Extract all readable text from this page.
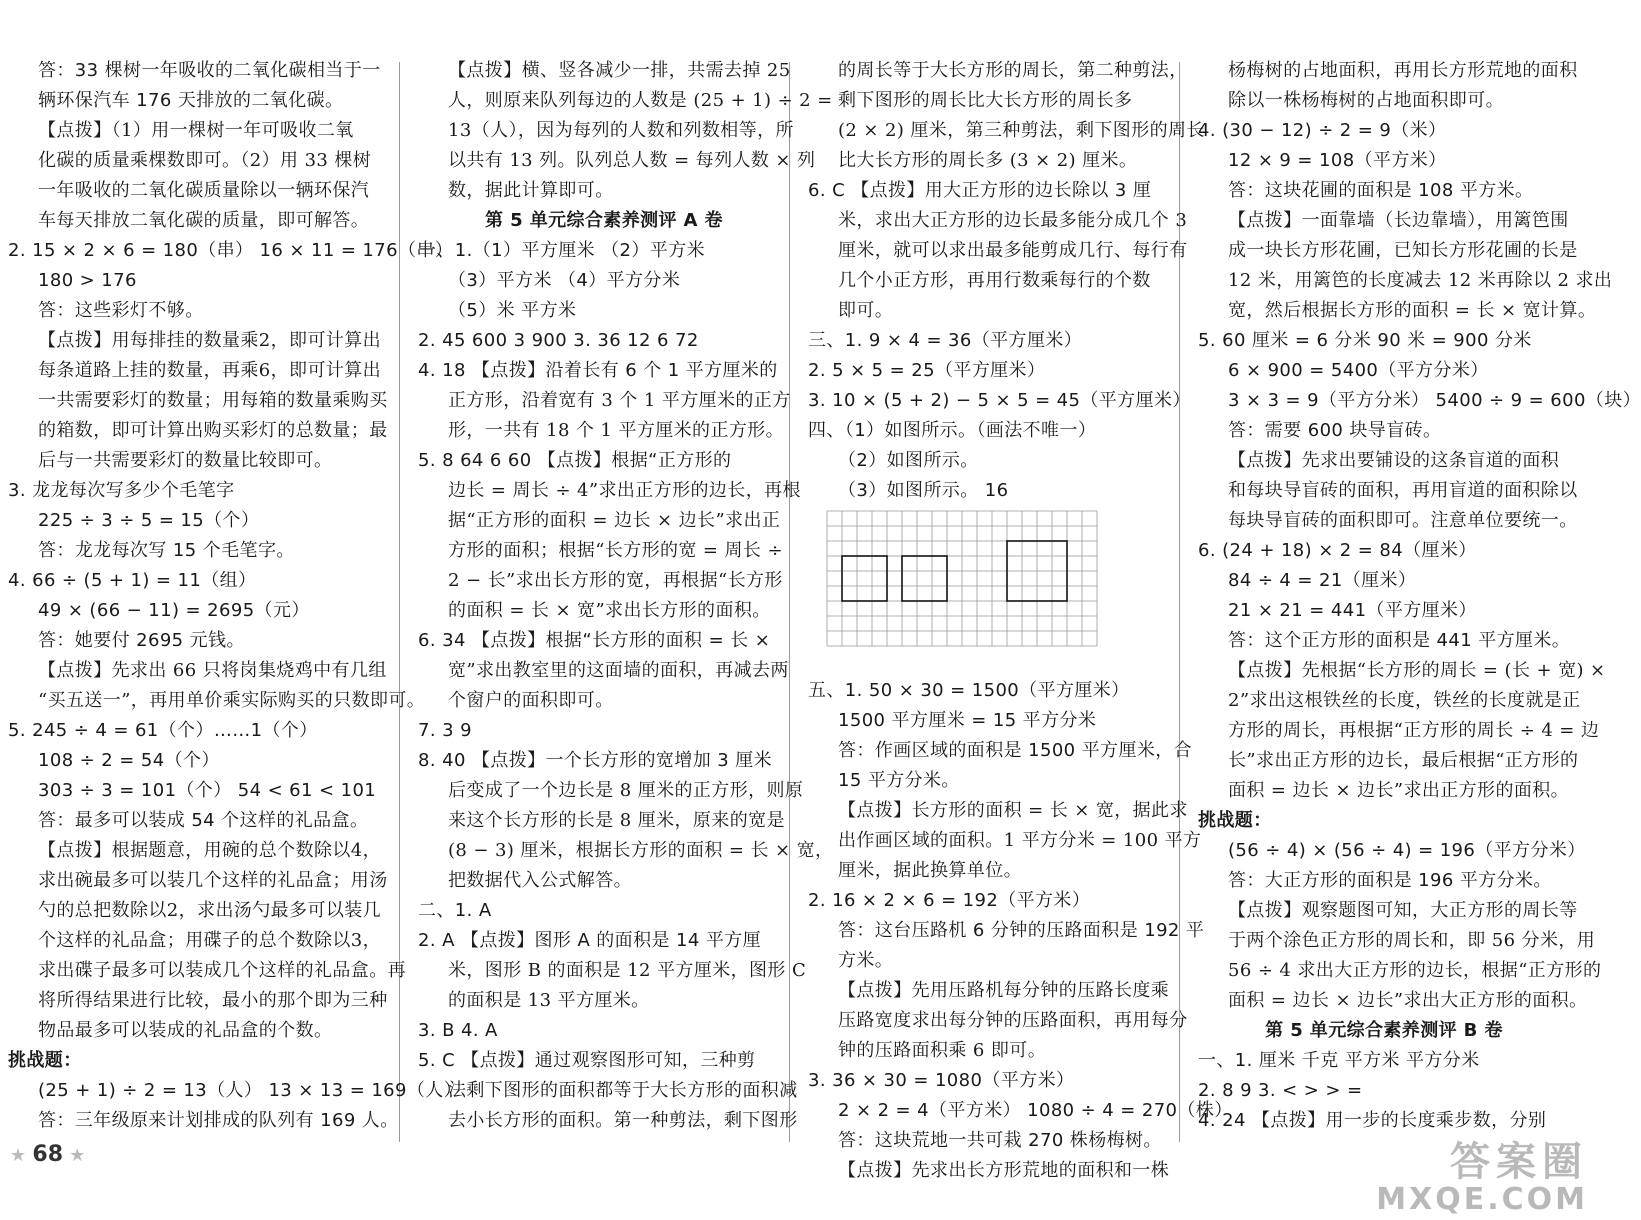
答：33 棵树一年吸收的二氧化碳相当于一
辆环保汽车 176 天排放的二氧化碳。
【点拨】（1）用一棵树一年可吸收二氧
化碳的质量乘棵数即可。（2）用 33 棵树
一年吸收的二氧化碳质量除以一辆环保汽
车每天排放二氧化碳的质量，即可解答。
2. 15 × 2 × 6 = 180（串） 16 × 11 = 176（串）
180 > 176
答：这些彩灯不够。
【点拨】用每排挂的数量乘2，即可计算出
每条道路上挂的数量，再乘6，即可计算出
一共需要彩灯的数量；用每箱的数量乘购买
的箱数，即可计算出购买彩灯的总数量；最
后与一共需要彩灯的数量比较即可。
3. 龙龙每次写多少个毛笔字
225 ÷ 3 ÷ 5 = 15（个）
答：龙龙每次写 15 个毛笔字。
4. 66 ÷ (5 + 1) = 11（组）
49 × (66 − 11) = 2695（元）
答：她要付 2695 元钱。
【点拨】先求出 66 只将岗集烧鸡中有几组
“买五送一”，再用单价乘实际购买的只数即可。
5. 245 ÷ 4 = 61（个）……1（个）
108 ÷ 2 = 54（个）
303 ÷ 3 = 101（个） 54 < 61 < 101
答：最多可以装成 54 个这样的礼品盒。
【点拨】根据题意，用碗的总个数除以4，
求出碗最多可以装几个这样的礼品盒；用汤
勺的总把数除以2，求出汤勺最多可以装几
个这样的礼品盒；用碟子的总个数除以3，
求出碟子最多可以装成几个这样的礼品盒。再
将所得结果进行比较，最小的那个即为三种
物品最多可以装成的礼品盒的个数。
挑战题：
(25 + 1) ÷ 2 = 13（人） 13 × 13 = 169（人）
答：三年级原来计划排成的队列有 169 人。
【点拨】横、竖各减少一排，共需去掉 25
人，则原来队列每边的人数是 (25 + 1) ÷ 2 =
13（人），因为每列的人数和列数相等，所
以共有 13 列。队列总人数 = 每列人数 × 列
数，据此计算即可。
第 5 单元综合素养测评 A 卷
一、1.（1）平方厘米 （2）平方米
（3）平方米 （4）平方分米
（5）米 平方米
2. 45 600 3 900 3. 36 12 6 72
4. 18 【点拨】沿着长有 6 个 1 平方厘米的
正方形，沿着宽有 3 个 1 平方厘米的正方
形，一共有 18 个 1 平方厘米的正方形。
5. 8 64 6 60 【点拨】根据“正方形的
边长 = 周长 ÷ 4”求出正方形的边长，再根
据“正方形的面积 = 边长 × 边长”求出正
方形的面积；根据“长方形的宽 = 周长 ÷
2 − 长”求出长方形的宽，再根据“长方形
的面积 = 长 × 宽”求出长方形的面积。
6. 34 【点拨】根据“长方形的面积 = 长 ×
宽”求出教室里的这面墙的面积，再减去两
个窗户的面积即可。
7. 3 9
8. 40 【点拨】一个长方形的宽增加 3 厘米
后变成了一个边长是 8 厘米的正方形，则原
来这个长方形的长是 8 厘米，原来的宽是
(8 − 3) 厘米，根据长方形的面积 = 长 × 宽，
把数据代入公式解答。
二、1. A
2. A 【点拨】图形 A 的面积是 14 平方厘
米，图形 B 的面积是 12 平方厘米，图形 C
的面积是 13 平方厘米。
3. B 4. A
5. C 【点拨】通过观察图形可知，三种剪
法剩下图形的面积都等于大长方形的面积减
去小长方形的面积。第一种剪法，剩下图形
的周长等于大长方形的周长，第二种剪法，
剩下图形的周长比大长方形的周长多
(2 × 2) 厘米，第三种剪法，剩下图形的周长
比大长方形的周长多 (3 × 2) 厘米。
6. C 【点拨】用大正方形的边长除以 3 厘
米，求出大正方形的边长最多能分成几个 3
厘米，就可以求出最多能剪成几行、每行有
几个小正方形，再用行数乘每行的个数
即可。
三、1. 9 × 4 = 36（平方厘米）
2. 5 × 5 = 25（平方厘米）
3. 10 × (5 + 2) − 5 × 5 = 45（平方厘米）
四、（1）如图所示。（画法不唯一）
（2）如图所示。
（3）如图所示。 16
五、1. 50 × 30 = 1500（平方厘米）
1500 平方厘米 = 15 平方分米
答：作画区域的面积是 1500 平方厘米，合
15 平方分米。
【点拨】长方形的面积 = 长 × 宽，据此求
出作画区域的面积。1 平方分米 = 100 平方
厘米，据此换算单位。
2. 16 × 2 × 6 = 192（平方米）
答：这台压路机 6 分钟的压路面积是 192 平
方米。
【点拨】先用压路机每分钟的压路长度乘
压路宽度求出每分钟的压路面积，再用每分
钟的压路面积乘 6 即可。
3. 36 × 30 = 1080（平方米）
2 × 2 = 4（平方米） 1080 ÷ 4 = 270（株）
答：这块荒地一共可栽 270 株杨梅树。
【点拨】先求出长方形荒地的面积和一株
杨梅树的占地面积，再用长方形荒地的面积
除以一株杨梅树的占地面积即可。
4. (30 − 12) ÷ 2 = 9（米）
12 × 9 = 108（平方米）
答：这块花圃的面积是 108 平方米。
【点拨】一面靠墙（长边靠墙），用篱笆围
成一块长方形花圃，已知长方形花圃的长是
12 米，用篱笆的长度减去 12 米再除以 2 求出
宽，然后根据长方形的面积 = 长 × 宽计算。
5. 60 厘米 = 6 分米 90 米 = 900 分米
6 × 900 = 5400（平方分米）
3 × 3 = 9（平方分米） 5400 ÷ 9 = 600（块）
答：需要 600 块导盲砖。
【点拨】先求出要铺设的这条盲道的面积
和每块导盲砖的面积，再用盲道的面积除以
每块导盲砖的面积即可。注意单位要统一。
6. (24 + 18) × 2 = 84（厘米）
84 ÷ 4 = 21（厘米）
21 × 21 = 441（平方厘米）
答：这个正方形的面积是 441 平方厘米。
【点拨】先根据“长方形的周长 = (长 + 宽) ×
2”求出这根铁丝的长度，铁丝的长度就是正
方形的周长，再根据“正方形的周长 ÷ 4 = 边
长”求出正方形的边长，最后根据“正方形的
面积 = 边长 × 边长”求出正方形的面积。
挑战题：
(56 ÷ 4) × (56 ÷ 4) = 196（平方分米）
答：大正方形的面积是 196 平方分米。
【点拨】观察题图可知，大正方形的周长等
于两个涂色正方形的周长和，即 56 分米，用
56 ÷ 4 求出大正方形的边长，根据“正方形的
面积 = 边长 × 边长”求出大正方形的面积。
第 5 单元综合素养测评 B 卷
一、1. 厘米 千克 平方米 平方分米
2. 8 9 3. < > > =
4. 24 【点拨】用一步的长度乘步数，分别
★ 68 ★	答案圈
MXQE.COM
